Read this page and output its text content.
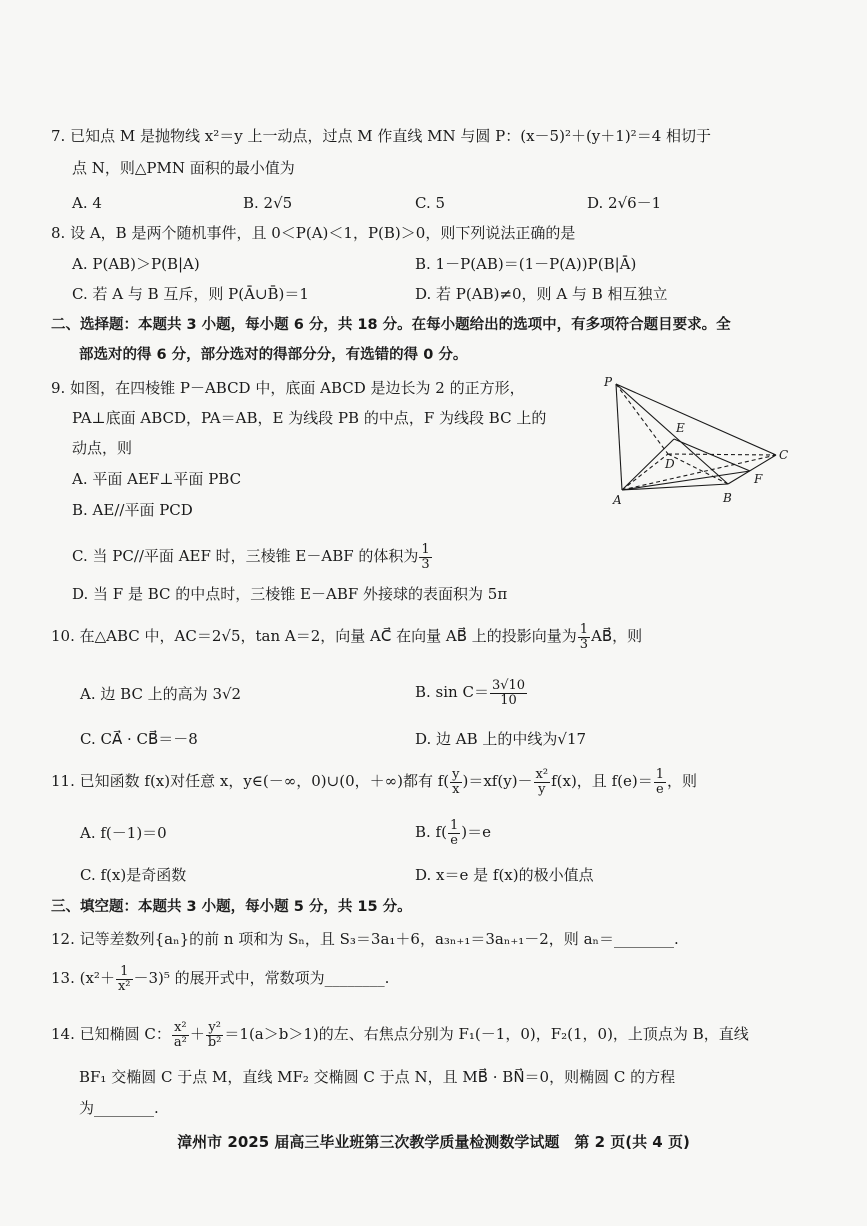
7. 已知点 M 是抛物线 x²＝y 上一动点，过点 M 作直线 MN 与圆 P：(x－5)²＋(y＋1)²＝4 相切于
点 N，则△PMN 面积的最小值为
A. 4	B. 2√5	C. 5	D. 2√6－1
8. 设 A，B 是两个随机事件，且 0＜P(A)＜1，P(B)＞0，则下列说法正确的是
A. P(AB)＞P(B|A)	B. 1－P(AB)＝(1－P(A))P(B|Ā)
C. 若 A 与 B 互斥，则 P(Ā∪B̄)＝1	D. 若 P(AB)≠0，则 A 与 B 相互独立
二、选择题：本题共 3 小题，每小题 6 分，共 18 分。在每小题给出的选项中，有多项符合题目要求。全
部选对的得 6 分，部分选对的得部分分，有选错的得 0 分。
9. 如图，在四棱锥 P－ABCD 中，底面 ABCD 是边长为 2 的正方形，
PA⊥底面 ABCD，PA＝AB，E 为线段 PB 的中点，F 为线段 BC 上的
动点，则
A. 平面 AEF⊥平面 PBC
B. AE//平面 PCD
C. 当 PC//平面 AEF 时，三棱锥 E－ABF 的体积为 $\frac{1}{3}$
D. 当 F 是 BC 的中点时，三棱锥 E－ABF 外接球的表面积为 5π
P
A	B
C
D
E
F
10. 在△ABC 中，AC＝2√5，tan A＝2，向量 AC⃗ 在向量 AB⃗ 上的投影向量为 $\frac{1}{3}$ AB⃗，则
A. 边 BC 上的高为 3√2	B. $\sin C= \frac{3√10}{10}$
C. CA⃗ · CB⃗＝－8	D. 边 AB 上的中线为√17
11. 已知函数 f(x)对任意 x，y∈(－∞，0)∪(0，＋∞)都有 $f( \frac{y}{x} )=xf(y)- \frac{\text{x²}}{y} f(x)$，且 $f(e)= \frac{1}{e}$ ，则
A. f(－1)＝0	B. $f( \frac{1}{e} )=e$
C. f(x)是奇函数	D. x＝e 是 f(x)的极小值点
三、填空题：本题共 3 小题，每小题 5 分，共 15 分。
12. 记等差数列{aₙ}的前 n 项和为 Sₙ，且 S₃＝3a₁＋6，a₃ₙ₊₁＝3aₙ₊₁－2，则 aₙ＝________.
13. $(x^2+ \frac{1}{\text{x²}} -3)^5$ 的展开式中，常数项为________.
14. 已知椭圆 C： $\frac{\text{x²}}{\text{a²}} + \frac{\text{y²}}{\text{b²}} =1(a>b>1)$的左、右焦点分别为 F₁(－1，0)，F₂(1，0)，上顶点为 B，直线
BF₁ 交椭圆 C 于点 M，直线 MF₂ 交椭圆 C 于点 N，且 MB⃗ · BN⃗＝0，则椭圆 C 的方程
为________.
漳州市 2025 届高三毕业班第三次教学质量检测数学试题　第 2 页(共 4 页)
